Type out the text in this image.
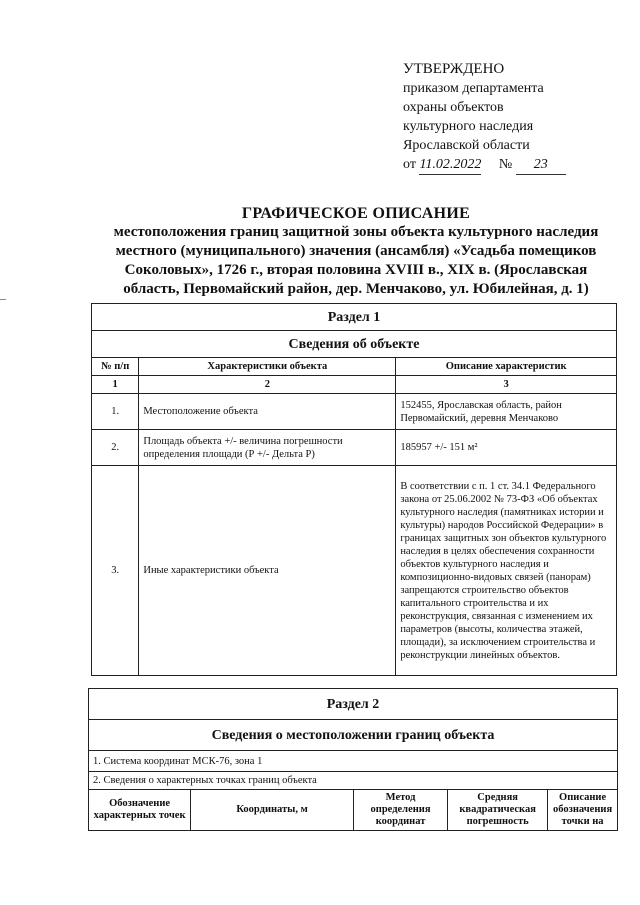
УТВЕРЖДЕНО
приказом департамента
охраны объектов
культурного наследия
Ярославской области
от 11.02.2022 № 23
ГРАФИЧЕСКОЕ ОПИСАНИЕ
местоположения границ защитной зоны объекта культурного наследия местного (муниципального) значения (ансамбля) «Усадьба помещиков Соколовых», 1726 г., вторая половина XVIII в., XIX в. (Ярославская область, Первомайский район, дер. Менчаково, ул. Юбилейная, д. 1)
Раздел 1		
Сведения об объекте		
№ п/п	Характеристики объекта	Описание характеристик
1	2	3
1.	Местоположение объекта	152455, Ярославская область, район Первомайский, деревня Менчаково
2.	Площадь объекта +/- величина погрешности определения площади (Р +/- Дельта Р)	185957 +/- 151 м²
3.	Иные характеристики объекта	В соответствии с п. 1 ст. 34.1 Федерального закона от 25.06.2002 № 73-ФЗ «Об объектах культурного наследия (памятниках истории и культуры) народов Российской Федерации» в границах защитных зон объектов культурного наследия в целях обеспечения сохранности объектов культурного наследия и композиционно-видовых связей (панорам) запрещаются строительство объектов капитального строительства и их реконструкция, связанная с изменением их параметров (высоты, количества этажей, площади), за исключением строительства и реконструкции линейных объектов.
Раздел 2
Сведения о местоположении границ объекта
1. Система координат МСК-76, зона 1
2. Сведения о характерных точках границ объекта
Обозначение характерных точек	Координаты, м	Метод определения координат	Средняя квадратическая погрешность	Описание обозначения точки на
